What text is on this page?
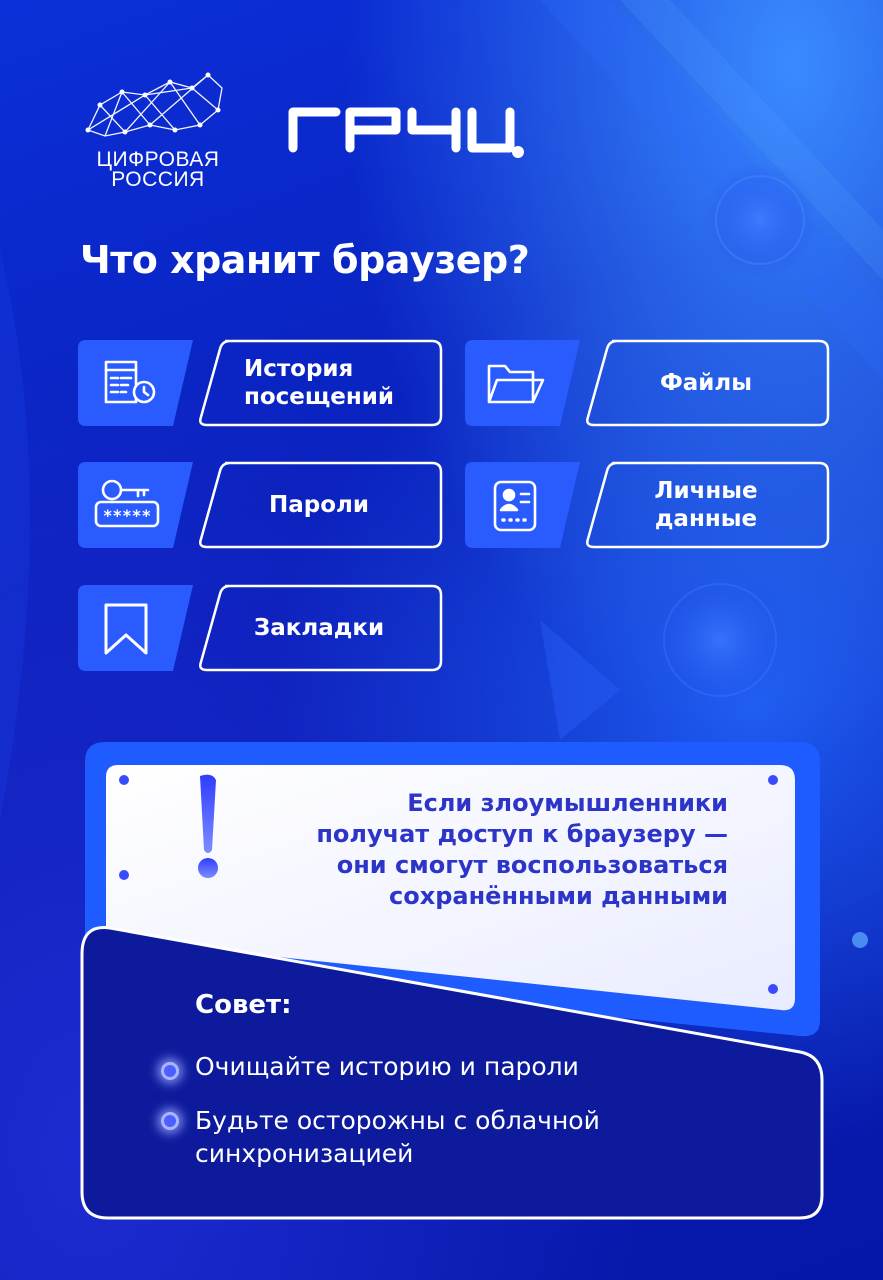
ЦИФРОВАЯ
РОССИЯ
Что хранит браузер?
История
посещений
Файлы
*****	Пароли
Личные
данные
Закладки
Если злоумышленники
получат доступ к браузеру —
они смогут воспользоваться
сохранёнными данными
Совет:
Очищайте историю и пароли
Будьте осторожны с облачной
синхронизацией
